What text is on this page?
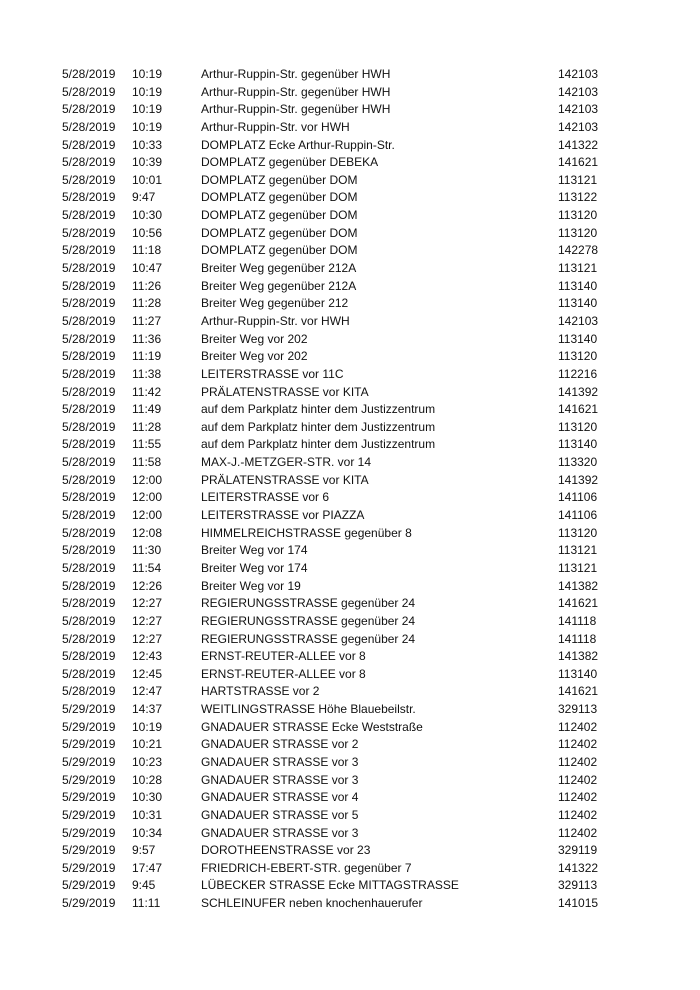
5/28/2019 10:19	Arthur-Ruppin-Str. gegenüber HWH	142103
5/28/2019 10:19	Arthur-Ruppin-Str. gegenüber HWH	142103
5/28/2019 10:19	Arthur-Ruppin-Str. gegenüber HWH	142103
5/28/2019 10:19	Arthur-Ruppin-Str. vor HWH	142103
5/28/2019 10:33	DOMPLATZ Ecke Arthur-Ruppin-Str.	141322
5/28/2019 10:39	DOMPLATZ gegenüber DEBEKA	141621
5/28/2019 10:01	DOMPLATZ gegenüber DOM	113121
5/28/2019 9:47	DOMPLATZ gegenüber DOM	113122
5/28/2019 10:30	DOMPLATZ gegenüber DOM	113120
5/28/2019 10:56	DOMPLATZ gegenüber DOM	113120
5/28/2019 11:18	DOMPLATZ gegenüber DOM	142278
5/28/2019 10:47	Breiter Weg gegenüber 212A	113121
5/28/2019 11:26	Breiter Weg gegenüber 212A	113140
5/28/2019 11:28	Breiter Weg gegenüber 212	113140
5/28/2019 11:27	Arthur-Ruppin-Str. vor HWH	142103
5/28/2019 11:36	Breiter Weg vor 202	113140
5/28/2019 11:19	Breiter Weg vor 202	113120
5/28/2019 11:38	LEITERSTRASSE vor 11C	112216
5/28/2019 11:42	PRÄLATENSTRASSE vor KITA	141392
5/28/2019 11:49	auf dem Parkplatz hinter dem Justizzentrum	141621
5/28/2019 11:28	auf dem Parkplatz hinter dem Justizzentrum	113120
5/28/2019 11:55	auf dem Parkplatz hinter dem Justizzentrum	113140
5/28/2019 11:58	MAX-J.-METZGER-STR. vor 14	113320
5/28/2019 12:00	PRÄLATENSTRASSE vor KITA	141392
5/28/2019 12:00	LEITERSTRASSE vor 6	141106
5/28/2019 12:00	LEITERSTRASSE vor PIAZZA	141106
5/28/2019 12:08	HIMMELREICHSTRASSE gegenüber 8	113120
5/28/2019 11:30	Breiter Weg vor 174	113121
5/28/2019 11:54	Breiter Weg vor 174	113121
5/28/2019 12:26	Breiter Weg vor 19	141382
5/28/2019 12:27	REGIERUNGSSTRASSE gegenüber 24	141621
5/28/2019 12:27	REGIERUNGSSTRASSE gegenüber 24	141118
5/28/2019 12:27	REGIERUNGSSTRASSE gegenüber 24	141118
5/28/2019 12:43	ERNST-REUTER-ALLEE vor 8	141382
5/28/2019 12:45	ERNST-REUTER-ALLEE vor 8	113140
5/28/2019 12:47	HARTSTRASSE vor 2	141621
5/29/2019 14:37	WEITLINGSTRASSE Höhe Blauebeilstr.	329113
5/29/2019 10:19	GNADAUER STRASSE Ecke Weststraße	112402
5/29/2019 10:21	GNADAUER STRASSE vor 2	112402
5/29/2019 10:23	GNADAUER STRASSE vor 3	112402
5/29/2019 10:28	GNADAUER STRASSE vor 3	112402
5/29/2019 10:30	GNADAUER STRASSE vor 4	112402
5/29/2019 10:31	GNADAUER STRASSE vor 5	112402
5/29/2019 10:34	GNADAUER STRASSE vor 3	112402
5/29/2019 9:57	DOROTHEENSTRASSE vor 23	329119
5/29/2019 17:47	FRIEDRICH-EBERT-STR. gegenüber 7	141322
5/29/2019 9:45	LÜBECKER STRASSE Ecke MITTAGSTRASSE	329113
5/29/2019 11:11	SCHLEINUFER neben knochenhauerufer	141015
